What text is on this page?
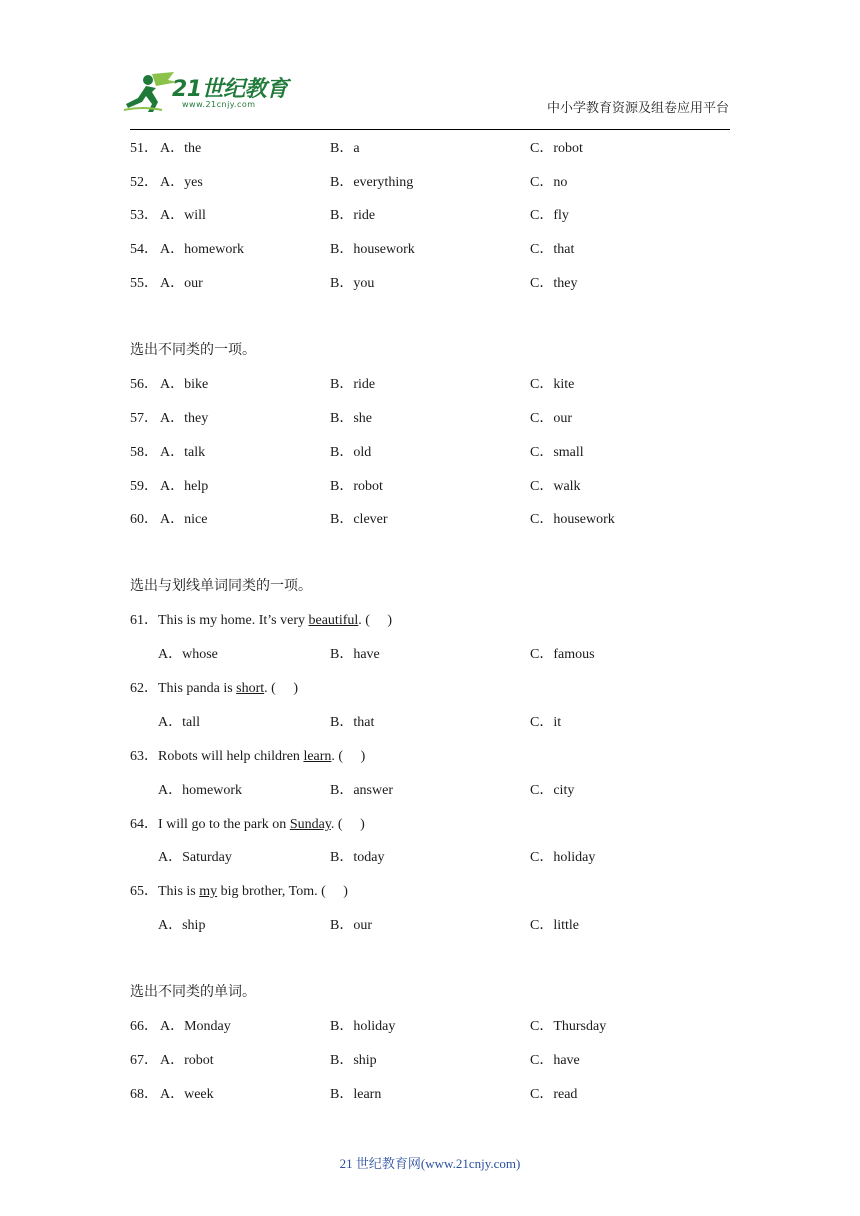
21世纪教育
www.21cnjy.com	中小学教育资源及组卷应用平台
51． A．the	B．a	C．robot
52． A．yes	B．everything	C．no
53． A．will	B．ride	C．fly
54． A．homework	B．housework	C．that
55． A．our	B．you	C．they
选出不同类的一项。
56． A．bike	B．ride	C．kite
57． A．they	B．she	C．our
58． A．talk	B．old	C．small
59． A．help	B．robot	C．walk
60． A．nice	B．clever	C．housework
选出与划线单词同类的一项。
61．This is my home. It’s very beautiful. (　 )
A．whose	B．have	C．famous
62．This panda is short. (　 )
A．tall	B．that	C．it
63．Robots will help children learn. (　 )
A．homework	B．answer	C．city
64．I will go to the park on Sunday. (　 )
A．Saturday	B．today	C．holiday
65．This is my big brother, Tom. (　 )
A．ship	B．our	C．little
选出不同类的单词。
66． A．Monday	B．holiday	C．Thursday
67． A．robot	B．ship	C．have
68． A．week	B．learn	C．read
21 世纪教育网(www.21cnjy.com)
